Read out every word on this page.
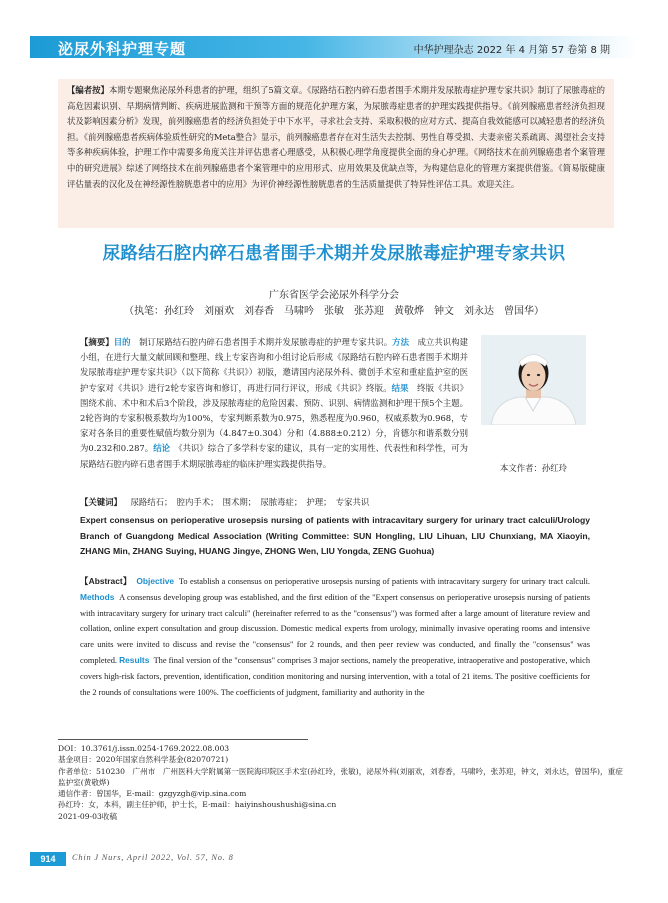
泌尿外科护理专题	中华护理杂志 2022 年 4 月第 57 卷第 8 期
【编者按】本期专题聚焦泌尿外科患者的护理，组织了5篇文章。《尿路结石腔内碎石患者围手术期并发尿脓毒症护理专家共识》制订了尿脓毒症的高危因素识别、早期病情判断、疾病进展监测和干预等方面的规范化护理方案，为尿脓毒症患者的护理实践提供指导。《前列腺癌患者经济负担现状及影响因素分析》发现，前列腺癌患者的经济负担处于中下水平，寻求社会支持、采取积极的应对方式、提高自我效能感可以减轻患者的经济负担。《前列腺癌患者疾病体验质性研究的Meta整合》显示，前列腺癌患者存在对生活失去控制、男性自尊受损、夫妻亲密关系疏离、渴望社会支持等多种疾病体验，护理工作中需要多角度关注并评估患者心理感受，从积极心理学角度提供全面的身心护理。《网络技术在前列腺癌患者个案管理中的研究进展》综述了网络技术在前列腺癌患者个案管理中的应用形式、应用效果及优缺点等，为构建信息化的管理方案提供借鉴。《简易版健康评估量表的汉化及在神经源性膀胱患者中的应用》为评价神经源性膀胱患者的生活质量提供了特异性评估工具。欢迎关注。
尿路结石腔内碎石患者围手术期并发尿脓毒症护理专家共识
广东省医学会泌尿外科学分会
（执笔：孙红玲　刘丽欢　刘春香　马啸吟　张敏　张苏迎　黄敬烨　钟文　刘永达　曾国华）
【摘要】目的　 制订尿路结石腔内碎石患者围手术期并发尿脓毒症的护理专家共识。方法　 成立共识构建小组，在进行大量文献回顾和整理、线上专家咨询和小组讨论后形成《尿路结石腔内碎石患者围手术期并发尿脓毒症护理专家共识》（以下简称《共识》）初版，邀请国内泌尿外科、微创手术室和重症监护室的医护专家对《共识》进行2轮专家咨询和修订，再进行同行评议，形成《共识》终版。结果　 终版《共识》围绕术前、术中和术后3个阶段，涉及尿脓毒症的危险因素、预防、识别、病情监测和护理干预5个主题。2轮咨询的专家积极系数均为100%，专家判断系数为0.975，熟悉程度为0.960，权威系数为0.968，专家对各条目的重要性赋值均数分别为（4.847±0.304）分和（4.888±0.212）分，肯德尔和谐系数分别为0.232和0.287。结论　 《共识》综合了多学科专家的建议，具有一定的实用性、代表性和科学性，可为尿路结石腔内碎石患者围手术期尿脓毒症的临床护理实践提供指导。	本文作者：孙红玲
【关键词】 尿路结石；　腔内手术；　围术期；　尿脓毒症；　护理；　专家共识
Expert consensus on perioperative urosepsis nursing of patients with intracavitary surgery for urinary tract calculi/Urology Branch of Guangdong Medical Association (Writing Committee: SUN Hongling, LIU Lihuan, LIU Chunxiang, MA Xiaoyin, ZHANG Min, ZHANG Suying, HUANG Jingye, ZHONG Wen, LIU Yongda, ZENG Guohua)
【Abstract】 Objective To establish a consensus on perioperative urosepsis nursing of patients with intracavitary surgery for urinary tract calculi. Methods A consensus developing group was established, and the first edition of the "Expert consensus on perioperative urosepsis nursing of patients with intracavitary surgery for urinary tract calculi" (hereinafter referred to as the "consensus") was formed after a large amount of literature review and collation, online expert consultation and group discussion. Domestic medical experts from urology, minimally invasive operating rooms and intensive care units were invited to discuss and revise the "consensus" for 2 rounds, and then peer review was conducted, and finally the "consensus" was completed. Results The final version of the "consensus" comprises 3 major sections, namely the preoperative, intraoperative and postoperative, which covers high-risk factors, prevention, identification, condition monitoring and nursing intervention, with a total of 21 items. The positive coefficients for the 2 rounds of consultations were 100%. The coefficients of judgment, familiarity and authority in the
DOI：10.3761/j.issn.0254-1769.2022.08.003
基金项目：2020年国家自然科学基金(82070721)
作者单位：510230　广州市　广州医科大学附属第一医院海印院区手术室(孙红玲，张敏)，泌尿外科(刘丽欢，刘春香，马啸吟，张苏迎，钟文，刘永达，曾国华)，重症监护室(黄敬烨)
通信作者：曾国华，E-mail：gzgyzgh@vip.sina.com
孙红玲：女，本科，副主任护师，护士长，E-mail：haiyinshoushushi@sina.cn
2021-09-03收稿
914	Chin J Nurs, April 2022, Vol. 57, No. 8
